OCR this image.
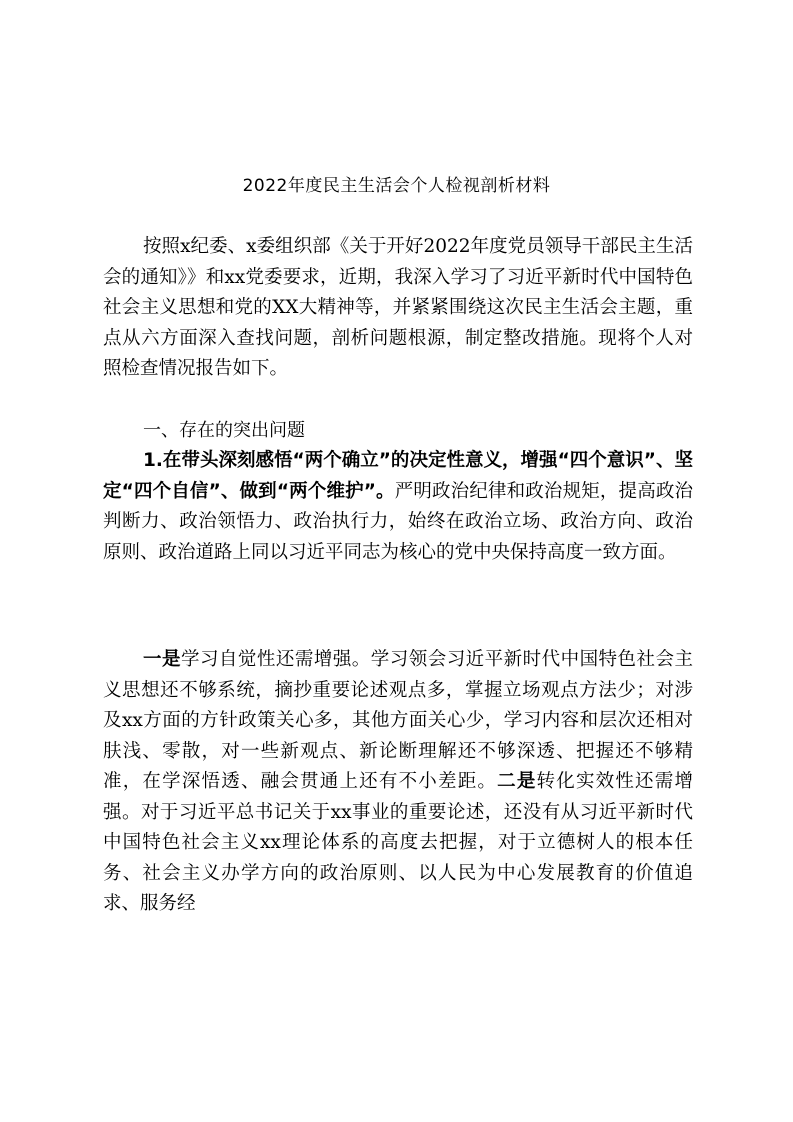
2022年度民主生活会个人检视剖析材料

按照x纪委、x委组织部《关于开好2022年度党员领导干部民主生活会的通知》》和xx党委要求，近期，我深入学习了习近平新时代中国特色社会主义思想和党的XX大精神等，并紧紧围绕这次民主生活会主题，重点从六方面深入查找问题，剖析问题根源，制定整改措施。现将个人对照检查情况报告如下。

一、存在的突出问题

1.在带头深刻感悟“两个确立”的决定性意义，增强“四个意识”、坚定“四个自信”、做到“两个维护”。严明政治纪律和政治规矩，提高政治判断力、政治领悟力、政治执行力，始终在政治立场、政治方向、政治原则、政治道路上同以习近平同志为核心的党中央保持高度一致方面。

一是学习自觉性还需增强。学习领会习近平新时代中国特色社会主义思想还不够系统，摘抄重要论述观点多，掌握立场观点方法少；对涉及xx方面的方针政策关心多，其他方面关心少，学习内容和层次还相对肤浅、零散，对一些新观点、新论断理解还不够深透、把握还不够精准，在学深悟透、融会贯通上还有不小差距。二是转化实效性还需增强。对于习近平总书记关于xx事业的重要论述，还没有从习近平新时代中国特色社会主义xx理论体系的高度去把握，对于立德树人的根本任务、社会主义办学方向的政治原则、以人民为中心发展教育的价值追求、服务经
